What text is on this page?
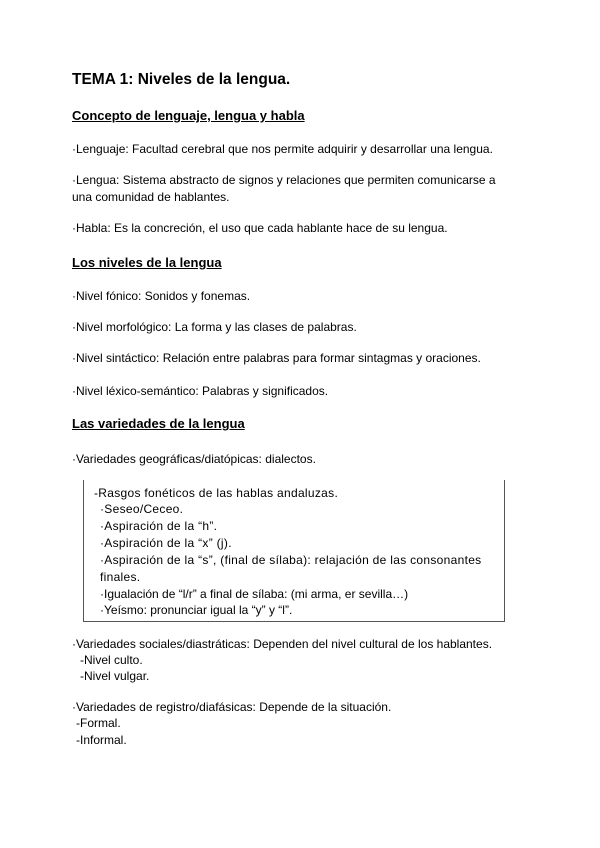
TEMA 1: Niveles de la lengua.
Concepto de lenguaje, lengua y habla

·Lenguaje: Facultad cerebral que nos permite adquirir y desarrollar una lengua.

·Lengua: Sistema abstracto de signos y relaciones que permiten comunicarse a una comunidad de hablantes.

·Habla: Es la concreción, el uso que cada hablante hace de su lengua.

Los niveles de la lengua

·Nivel fónico: Sonidos y fonemas.

·Nivel morfológico: La forma y las clases de palabras.

·Nivel sintáctico: Relación entre palabras para formar sintagmas y oraciones.

·Nivel léxico-semántico: Palabras y significados.

Las variedades de la lengua

·Variedades geográficas/diatópicas: dialectos.

-Rasgos fonéticos de las hablas andaluzas.
·Seseo/Ceceo.
·Aspiración de la “h”.
·Aspiración de la “x” (j).
·Aspiración de la “s”, (final de sílaba): relajación de las consonantes
finales.
·Igualación de “l/r” a final de sílaba: (mi arma, er sevilla…)
·Yeísmo: pronunciar igual la “y” y “l”.

·Variedades sociales/diastráticas: Dependen del nivel cultural de los hablantes.

-Nivel culto.
-Nivel vulgar.

·Variedades de registro/diafásicas: Depende de la situación.

-Formal.
-Informal.
